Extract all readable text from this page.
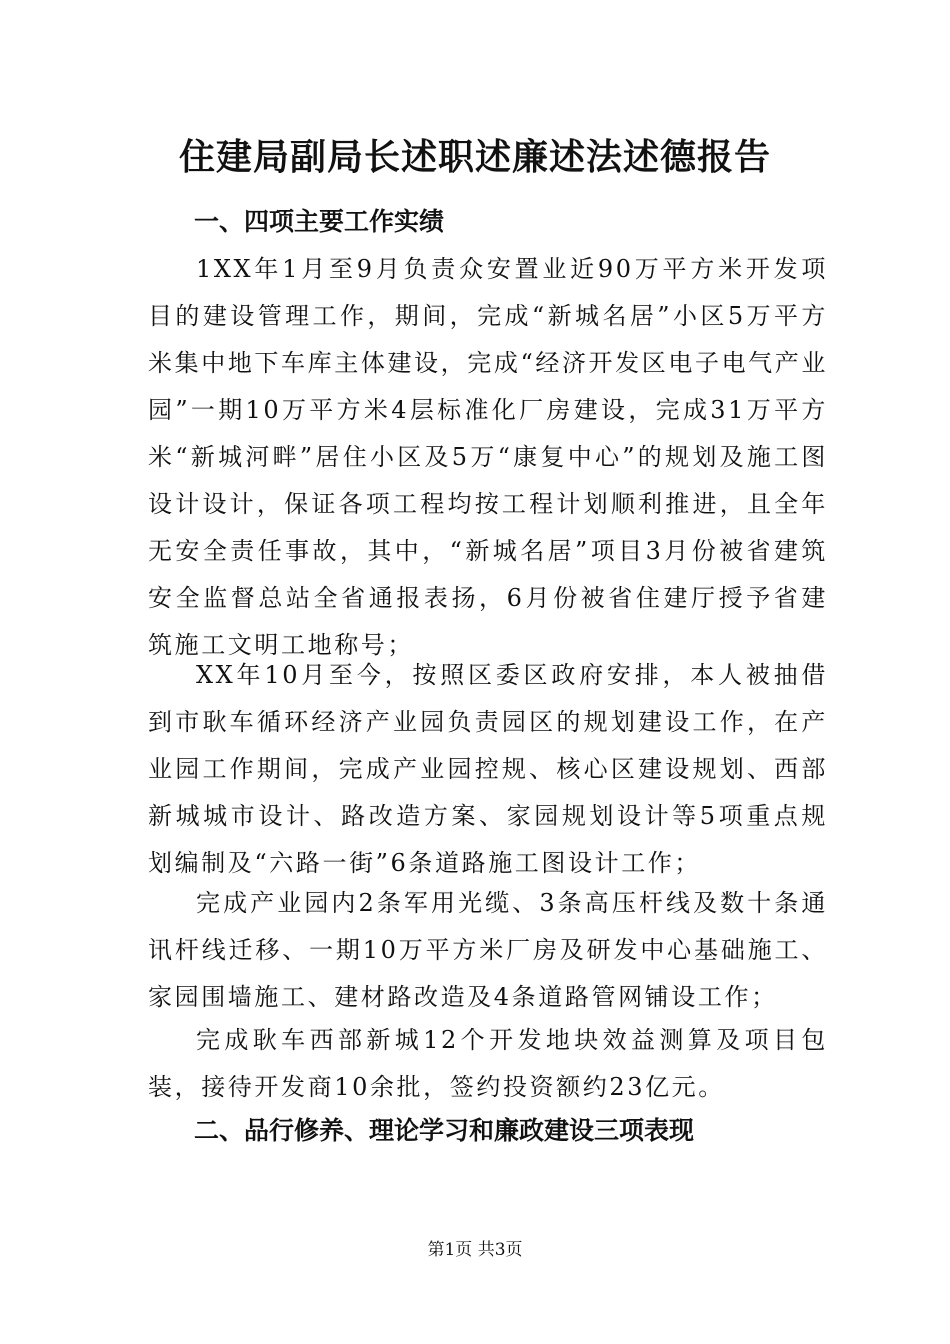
住建局副局长述职述廉述法述德报告
一、四项主要工作实绩
1XX年1月至9月负责众安置业近90万平方米开发项目的建设管理工作，期间，完成“新城名居”小区5万平方米集中地下车库主体建设，完成“经济开发区电子电气产业园”一期10万平方米4层标准化厂房建设，完成31万平方米“新城河畔”居住小区及5万“康复中心”的规划及施工图设计设计，保证各项工程均按工程计划顺利推进，且全年无安全责任事故，其中，“新城名居”项目3月份被省建筑安全监督总站全省通报表扬，6月份被省住建厅授予省建筑施工文明工地称号；
XX年10月至今，按照区委区政府安排，本人被抽借到市耿车循环经济产业园负责园区的规划建设工作，在产业园工作期间，完成产业园控规、核心区建设规划、西部新城城市设计、路改造方案、家园规划设计等5项重点规划编制及“六路一街”6条道路施工图设计工作；
完成产业园内2条军用光缆、3条高压杆线及数十条通讯杆线迁移、一期10万平方米厂房及研发中心基础施工、家园围墙施工、建材路改造及4条道路管网铺设工作；
完成耿车西部新城12个开发地块效益测算及项目包装，接待开发商10余批，签约投资额约23亿元。
二、品行修养、理论学习和廉政建设三项表现
第1页 共3页
